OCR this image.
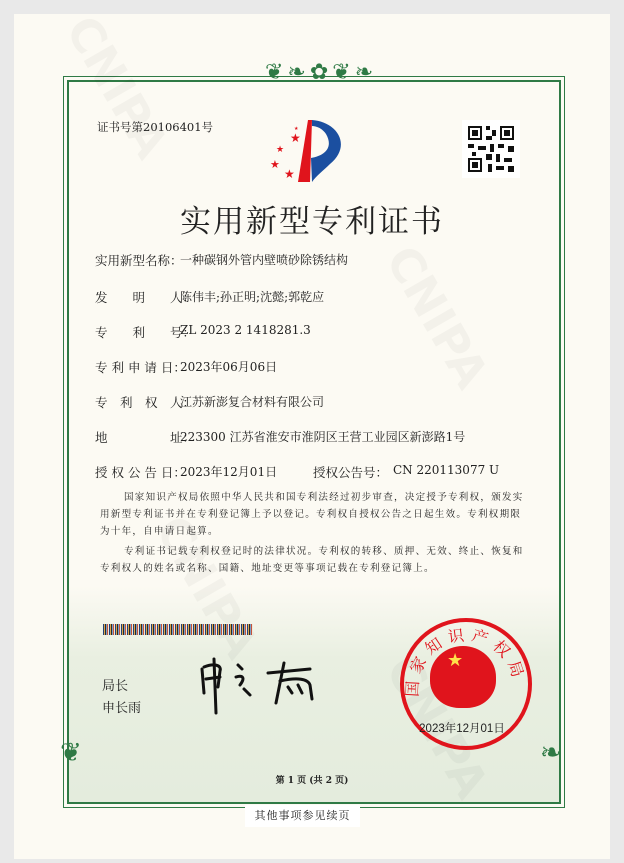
❦❧✿❦❧
❦	❧
证书号第20106401号
★
★
★
★
★
实用新型专利证书
实用新型名称：
一种碳钢外管内壁喷砂除锈结构
发　　明　　人：
陈伟丰;孙正明;沈懿;郭乾应
专　　利　　号：
ZL 2023 2 1418281.3
专 利 申 请 日：
2023年06月06日
专　利　权　人：
江苏新澎复合材料有限公司
地　　　　　址：
223300 江苏省淮安市淮阴区王营工业园区新澎路1号
授 权 公 告 日：
2023年12月01日	授权公告号： CN 220113077 U
国家知识产权局依照中华人民共和国专利法经过初步审查，决定授予专利权，颁发实用新型专利证书并在专利登记簿上予以登记。专利权自授权公告之日起生效。专利权期限为十年，自申请日起算。
专利证书记载专利权登记时的法律状况。专利权的转移、质押、无效、终止、恢复和专利权人的姓名或名称、国籍、地址变更等事项记载在专利登记簿上。
局长
申长雨
★
国家知识产权局
2023年12月01日
第 1 页 (共 2 页)
其他事项参见续页
